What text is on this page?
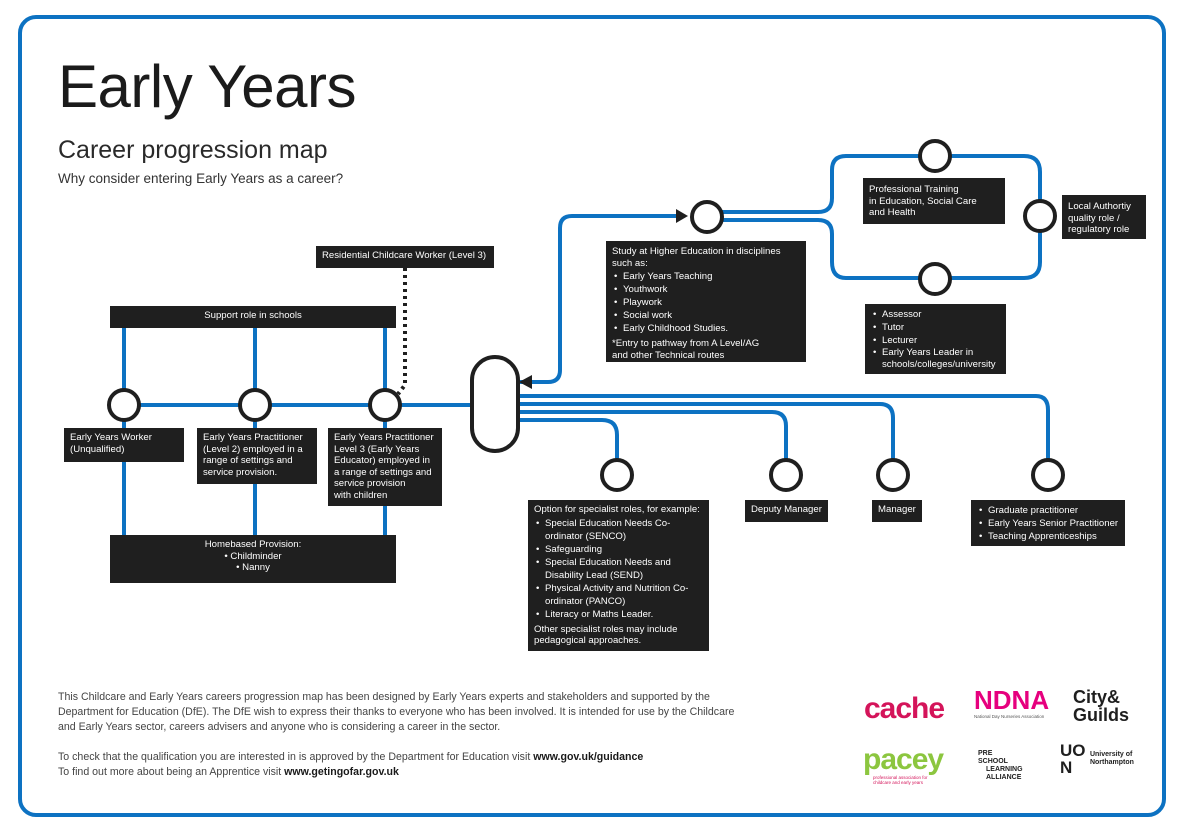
Early Years
Career progression map
Why consider entering Early Years as a career?
Residential Childcare Worker (Level 3)
Support role in schools
Early Years Worker
(Unqualified)
Early Years Practitioner
(Level 2) employed in a
range of settings and
service provision.
Early Years Practitioner
Level 3 (Early Years
Educator) employed in
a range of settings and
service provision
with children
Homebased Provision:
• Childminder
• Nanny
Study at Higher Education in disciplines
such as:
• Early Years Teaching
• Youthwork
• Playwork
• Social work
• Early Childhood Studies.
*Entry to pathway from A Level/AG
and other Technical routes
Professional Training
in Education, Social Care
and Health
Local Authortiy
quality role /
regulatory role
• Assessor
• Tutor
• Lecturer
• Early Years Leader in schools/colleges/university
Option for specialist roles, for example:
• Special Education Needs Co-ordinator (SENCO)
• Safeguarding
• Special Education Needs and Disability Lead (SEND)
• Physical Activity and Nutrition Co-ordinator (PANCO)
• Literacy or Maths Leader.
Other specialist roles may include
pedagogical approaches.
Deputy Manager	Manager
•	Graduate practitioner
• Early Years Senior Practitioner
• Teaching Apprenticeships
This Childcare and Early Years careers progression map has been designed by Early Years experts and stakeholders and supported by the Department for Education (DfE). The DfE wish to express their thanks to everyone who has been involved. It is intended for use by the Childcare and Early Years sector, careers advisers and anyone who is considering a career in the sector.
To check that the qualification you are interested in is approved by the Department for Education visit www.gov.uk/guidance
To find out more about being an Apprentice visit www.getingofar.gov.uk
cache NDNA
National Day Nurseries Association
City&
Guilds
pacey
professional association for childcare and early years
PRE
SCHOOL
LEARNING
ALLIANCE
UO
N
University of Northampton
